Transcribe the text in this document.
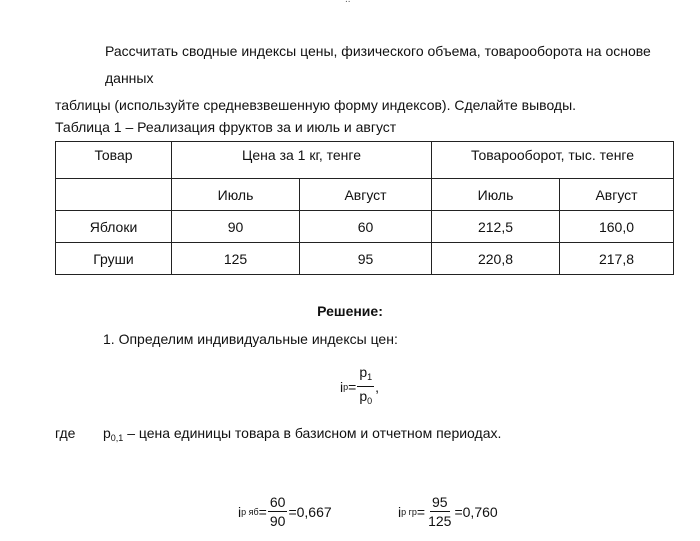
Рассчитать сводные индексы цены, физического объема, товарооборота на основе данных
таблицы (используйте средневзвешенную форму индексов). Сделайте выводы.
Таблица 1 – Реализация фруктов за и июль и август
Товар	Цена за 1 кг, тенге		Товарооборот, тыс. тенге	
	Июль	Август	Июль	Август
Яблоки	90	60	212,5	160,0
Груши	125	95	220,8	217,8
Решение:
1. Определим индивидуальные индексы цен:
i $p = \frac{p_1}{p_0}$ ,
где $p_{0,1}$ – цена единицы товара в базисном и отчетном периодах.
i p яб = $\frac{60}{90} =0,667$	i p гр = $\frac{95}{125} =0,760$
